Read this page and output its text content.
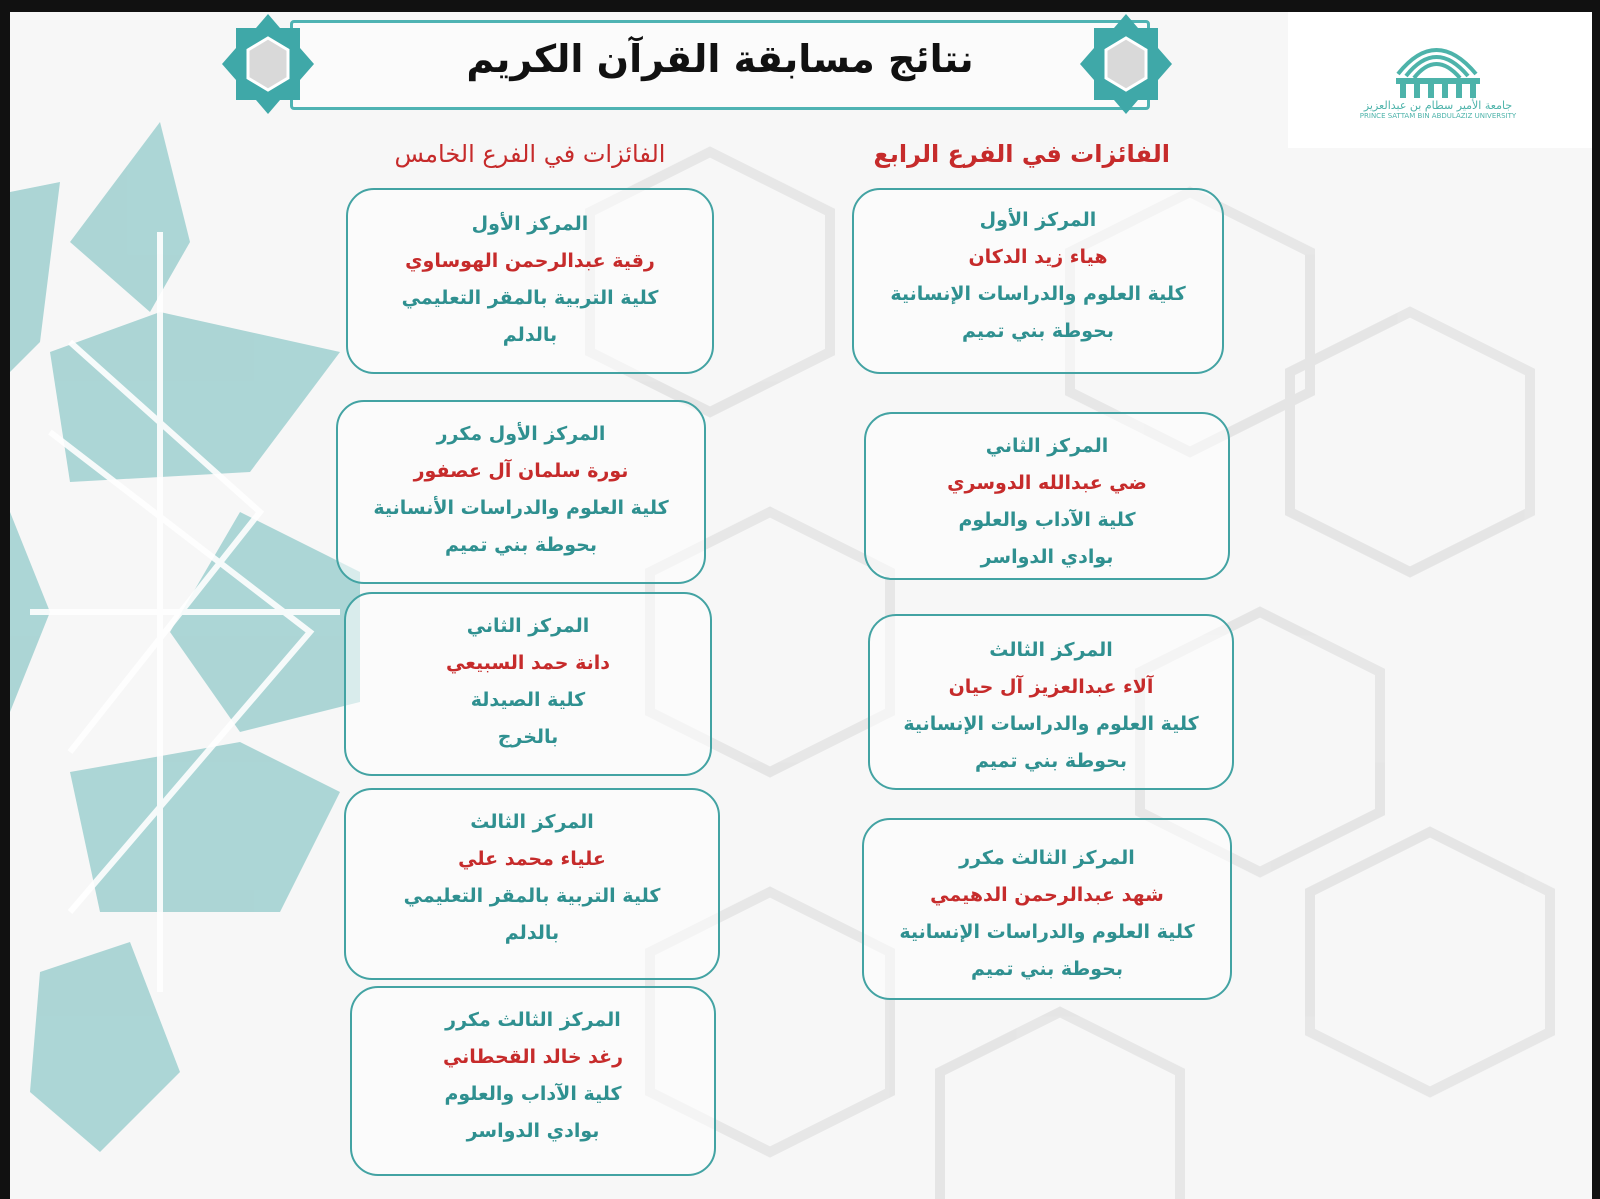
جامعة الأمير سطام بن عبدالعزيز
PRINCE SATTAM BIN ABDULAZIZ UNIVERSITY
نتائج مسابقة القرآن الكريم
الفائزات في الفرع الرابع
الفائزات في الفرع الخامس
المركز الأول
هياء زيد الدكان
كلية العلوم والدراسات الإنسانية
بحوطة بني تميم
المركز الثاني
ضي عبدالله الدوسري
كلية الآداب والعلوم
بوادي الدواسر
المركز الثالث
آلاء عبدالعزيز آل حيان
كلية العلوم والدراسات الإنسانية
بحوطة بني تميم
المركز الثالث مكرر
شهد عبدالرحمن الدهيمي
كلية العلوم والدراسات الإنسانية
بحوطة بني تميم
المركز الأول
رقية عبدالرحمن الهوساوي
كلية التربية بالمقر التعليمي
بالدلم
المركز الأول مكرر
نورة سلمان آل عصفور
كلية العلوم والدراسات الأنسانية
بحوطة بني تميم
المركز الثاني
دانة حمد السبيعي
كلية الصيدلة
بالخرج
المركز الثالث
علياء محمد علي
كلية التربية بالمقر التعليمي
بالدلم
المركز الثالث مكرر
رغد خالد القحطاني
كلية الآداب والعلوم
بوادي الدواسر
